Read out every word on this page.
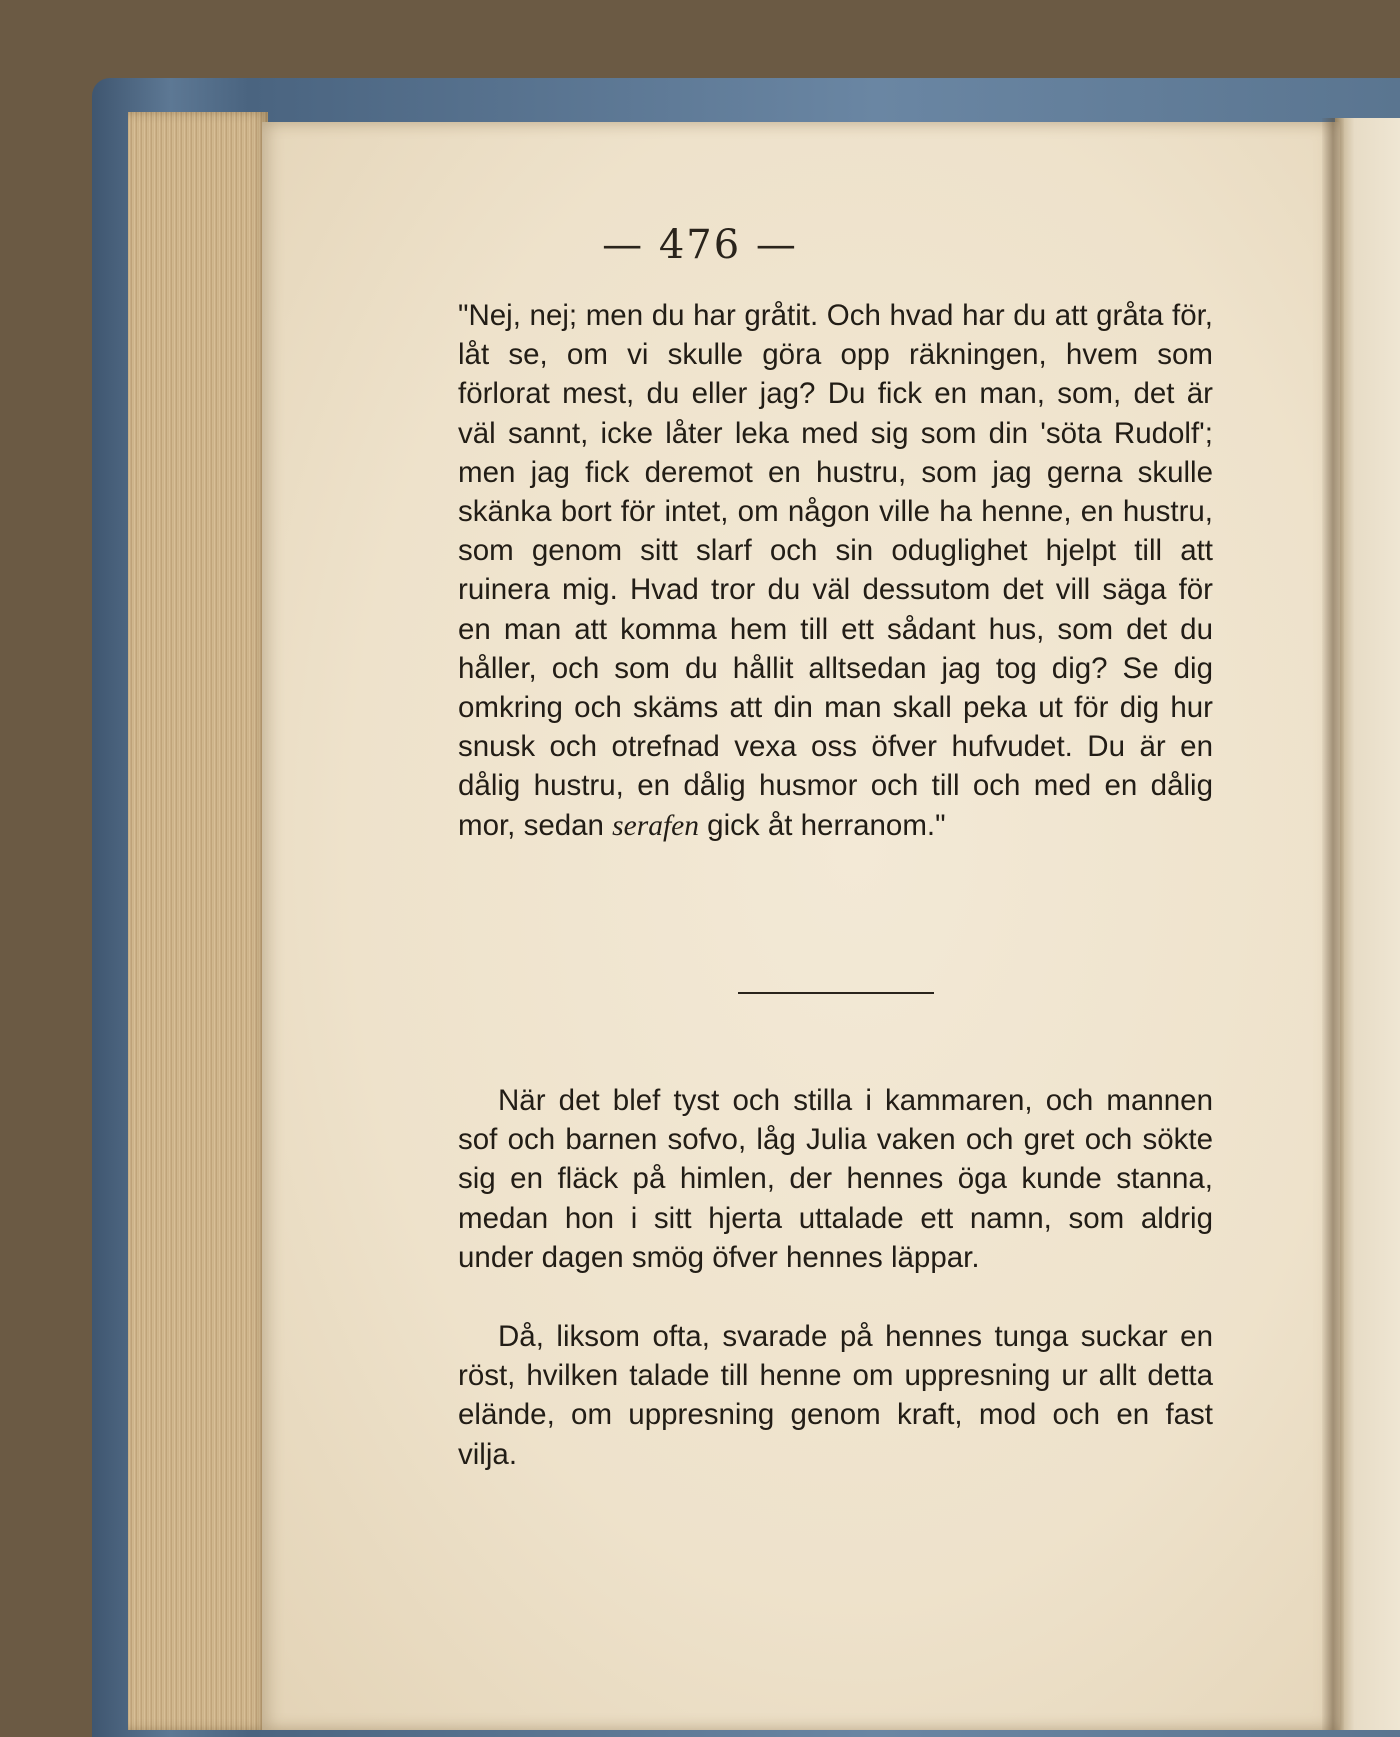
— 476 —

"Nej, nej; men du har gråtit. Och hvad har du att gråta för, låt se, om vi skulle göra opp räkningen, hvem som förlorat mest, du eller jag? Du fick en man, som, det är väl sannt, icke låter leka med sig som din 'söta Rudolf'; men jag fick deremot en hustru, som jag gerna skulle skänka bort för intet, om någon ville ha henne, en hustru, som genom sitt slarf och sin oduglighet hjelpt till att ruinera mig. Hvad tror du väl dessutom det vill säga för en man att komma hem till ett sådant hus, som det du håller, och som du hållit alltsedan jag tog dig? Se dig omkring och skäms att din man skall peka ut för dig hur snusk och otrefnad vexa oss öfver hufvudet. Du är en dålig hustru, en dålig husmor och till och med en dålig mor, sedan serafen gick åt herranom."

När det blef tyst och stilla i kammaren, och mannen sof och barnen sofvo, låg Julia vaken och gret och sökte sig en fläck på himlen, der hennes öga kunde stanna, medan hon i sitt hjerta uttalade ett namn, som aldrig under dagen smög öfver hennes läppar.

Då, liksom ofta, svarade på hennes tunga suckar en röst, hvilken talade till henne om uppresning ur allt detta elände, om uppresning genom kraft, mod och en fast vilja.
